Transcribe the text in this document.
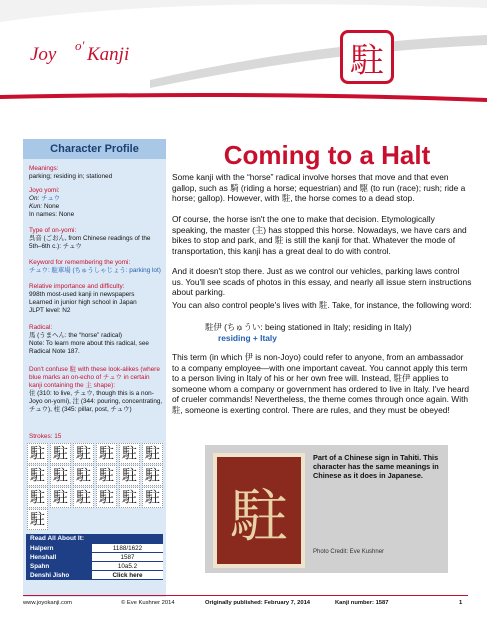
Joy o' Kanji	駐
Character Profile
Meanings:
parking; residing in; stationed
Joyo yomi:
On: チュウ
Kun: None
In names: None
Type of on-yomi:
呉音 (ごおん, from Chinese readings of the 5th–6th c.): チュウ
Keyword for remembering the yomi:
チュウ: 駐車場 (ちゅうしゃじょう: parking lot)
Relative importance and difficulty:
998th most-used kanji in newspapers
Learned in junior high school in Japan
JLPT level: N2
Radical:
馬 (うまへん: the “horse” radical)
Note: To learn more about this radical, see Radical Note 187.
Don't confuse 駐 with these look-alikes (where blue marks an on-echo of チュウ in certain kanji containing the 主 shape):
住 (310: to live, チュウ, though this is a non-Joyo on-yomi), 注 (344: pouring, concentrating, チュウ), 柱 (345: pillar, post, チュウ)
Strokes: 15
駐 駐 駐 駐 駐 駐
駐 駐 駐 駐 駐 駐
駐 駐 駐 駐 駐 駐
駐
Read All About It:
Halpern	1188/1622
Henshall	1587
Spahn	10a5.2
Denshi Jisho	Click here
Coming to a Halt
Some kanji with the “horse” radical involve horses that move and that even gallop, such as 騎 (riding a horse; equestrian) and 駆 (to run (race); rush; ride a horse; gallop). However, with 駐, the horse comes to a dead stop.
Of course, the horse isn't the one to make that decision. Etymologically speaking, the master (主) has stopped this horse. Nowadays, we have cars and bikes to stop and park, and 駐 is still the kanji for that. Whatever the mode of transportation, this kanji has a great deal to do with control.
And it doesn't stop there. Just as we control our vehicles, parking laws control us. You'll see scads of photos in this essay, and nearly all issue stern instructions about parking.
You can also control people's lives with 駐. Take, for instance, the following word:
駐伊 (ちゅうい: being stationed in Italy; residing in Italy)
residing + Italy
This term (in which 伊 is non-Joyo) could refer to anyone, from an ambassador to a company employee—with one important caveat. You cannot apply this term to a person living in Italy of his or her own free will. Instead, 駐伊 applies to someone whom a company or government has ordered to live in Italy. I've heard of crueler commands! Nevertheless, the theme comes through once again. With 駐, someone is exerting control. There are rules, and they must be obeyed!
駐
Part of a Chinese sign in Tahiti. This character has the same meanings in Chinese as it does in Japanese.
Photo Credit: Eve Kushner
www.joyokanji.com	© Eve Kushner 2014	Originally published: February 7, 2014	Kanji number: 1587	1
